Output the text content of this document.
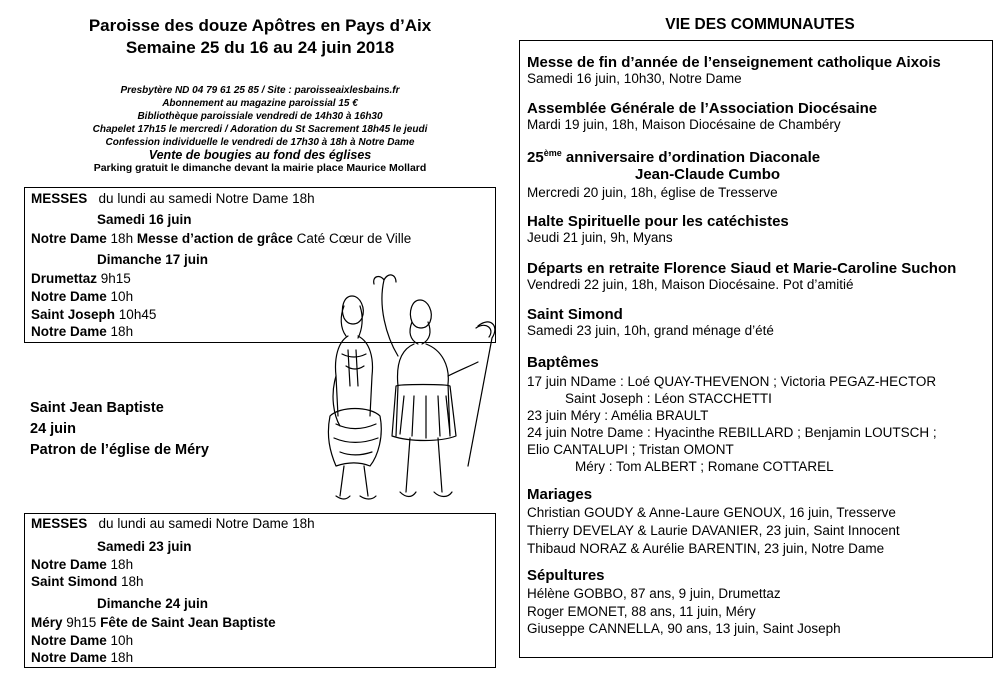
Paroisse des douze Apôtres en Pays d’Aix
Semaine 25 du 16 au 24 juin 2018
Presbytère ND 04 79 61 25 85 / Site : paroisseaixlesbains.fr
Abonnement au magazine paroissial 15 €
Bibliothèque paroissiale vendredi de 14h30 à 16h30
Chapelet 17h15 le mercredi / Adoration du St Sacrement 18h45 le jeudi
Confession individuelle le vendredi de 17h30 à 18h à Notre Dame
Vente de bougies au fond des églises
Parking gratuit le dimanche devant la mairie place Maurice Mollard
MESSES du lundi au samedi Notre Dame 18h
Samedi 16 juin
Notre Dame 18h Messe d’action de grâce Caté Cœur de Ville
Dimanche 17 juin
Drumettaz 9h15
Notre Dame 10h
Saint Joseph 10h45
Notre Dame 18h
Saint Jean Baptiste
24 juin
Patron de l’église de Méry
MESSES du lundi au samedi Notre Dame 18h
Samedi 23 juin
Notre Dame 18h
Saint Simond 18h
Dimanche 24 juin
Méry 9h15 Fête de Saint Jean Baptiste
Notre Dame 10h
Notre Dame 18h
VIE DES COMMUNAUTES
Messe de fin d’année de l’enseignement catholique Aixois
Samedi 16 juin, 10h30, Notre Dame
Assemblée Générale de l’Association Diocésaine
Mardi 19 juin, 18h, Maison Diocésaine de Chambéry
25ème anniversaire d’ordination Diaconale
Jean-Claude Cumbo
Mercredi 20 juin, 18h, église de Tresserve
Halte Spirituelle pour les catéchistes
Jeudi 21 juin, 9h, Myans
Départs en retraite Florence Siaud et Marie-Caroline Suchon
Vendredi 22 juin, 18h, Maison Diocésaine. Pot d’amitié
Saint Simond
Samedi 23 juin, 10h, grand ménage d’été
Baptêmes
17 juin NDame : Loé QUAY-THEVENON ; Victoria PEGAZ-HECTOR
Saint Joseph : Léon STACCHETTI
23 juin Méry : Amélia BRAULT
24 juin Notre Dame : Hyacinthe REBILLARD ; Benjamin LOUTSCH ;
Elio CANTALUPI ; Tristan OMONT
Méry : Tom ALBERT ; Romane COTTAREL
Mariages
Christian GOUDY & Anne-Laure GENOUX, 16 juin, Tresserve
Thierry DEVELAY & Laurie DAVANIER, 23 juin, Saint Innocent
Thibaud NORAZ & Aurélie BARENTIN, 23 juin, Notre Dame
Sépultures
Hélène GOBBO, 87 ans, 9 juin, Drumettaz
Roger EMONET, 88 ans, 11 juin, Méry
Giuseppe CANNELLA, 90 ans, 13 juin, Saint Joseph
